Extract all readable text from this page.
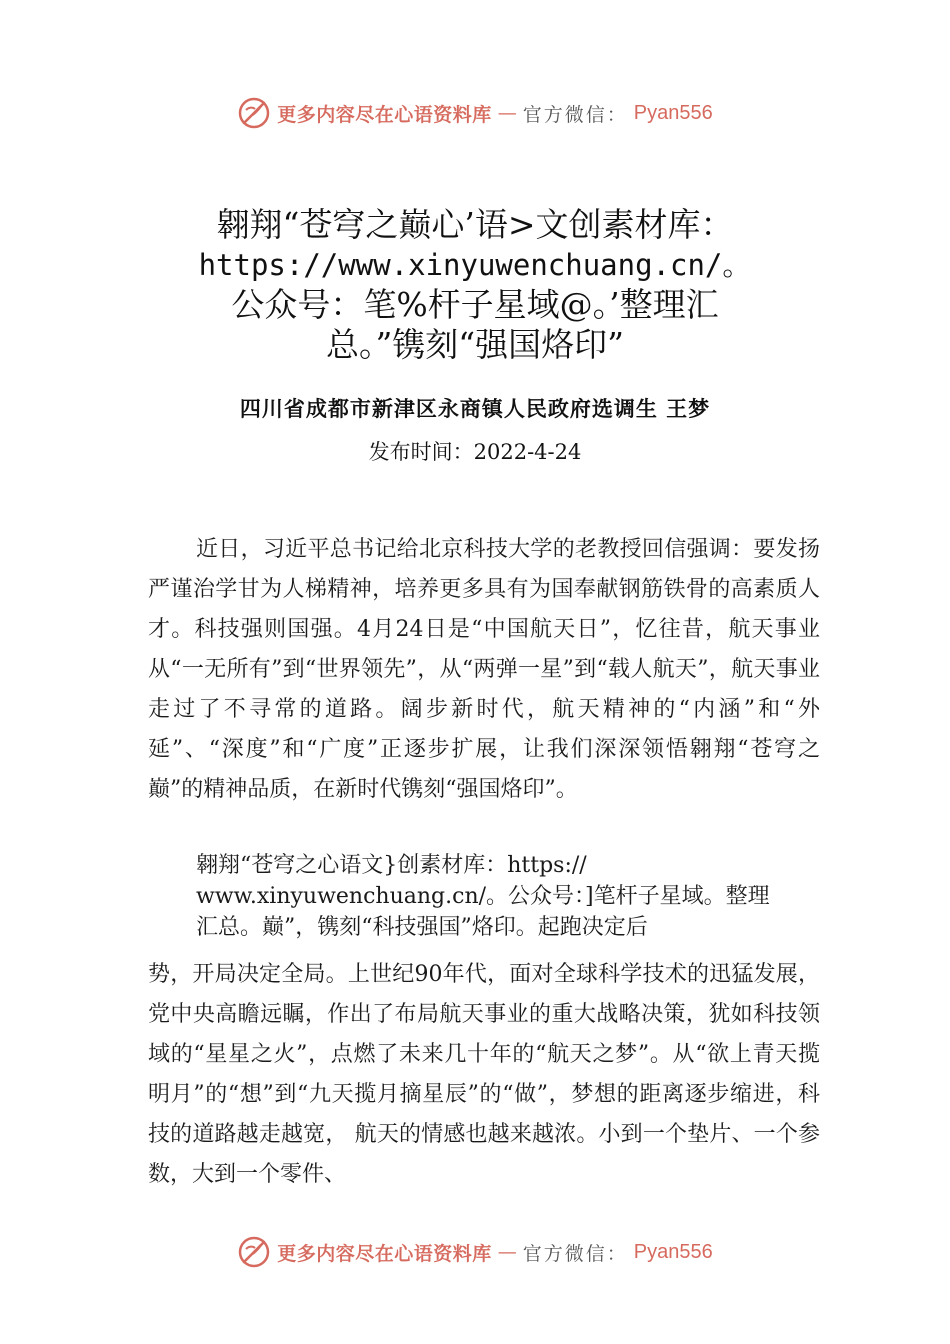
更多内容尽在心语资料库 — 官方微信： Pyan556
翱翔“苍穹之巅心’语>文创素材库：
https://www.xinyuwenchuang.cn/。
公众号：笔%杆子星域@。’整理汇
总。”镌刻“强国烙印”
四川省成都市新津区永商镇人民政府选调生 王梦
发布时间：2022-4-24
近日，习近平总书记给北京科技大学的老教授回信强调：要发扬严谨治学甘为人梯精神，培养更多具有为国奉献钢筋铁骨的高素质人才。科技强则国强。4月24日是“中国航天日”，忆往昔，航天事业从“一无所有”到“世界领先”，从“两弹一星”到“载人航天”，航天事业走过了不寻常的道路。阔步新时代，航天精神的“内涵”和“外延”、“深度”和“广度”正逐步扩展，让我们深深领悟翱翔“苍穹之巅”的精神品质，在新时代镌刻“强国烙印”。
翱翔“苍穹之心语文}创素材库：https://
www.xinyuwenchuang.cn/。公众号：]笔杆子星域。整理
汇总。巅”，镌刻“科技强国”烙印。起跑决定后
势，开局决定全局。上世纪90年代，面对全球科学技术的迅猛发展，党中央高瞻远瞩，作出了布局航天事业的重大战略决策，犹如科技领域的“星星之火”，点燃了未来几十年的“航天之梦”。从“欲上青天揽明月”的“想”到“九天揽月摘星辰”的“做”，梦想的距离逐步缩进，科技的道路越走越宽， 航天的情感也越来越浓。小到一个垫片、一个参数，大到一个零件、
更多内容尽在心语资料库 — 官方微信： Pyan556
